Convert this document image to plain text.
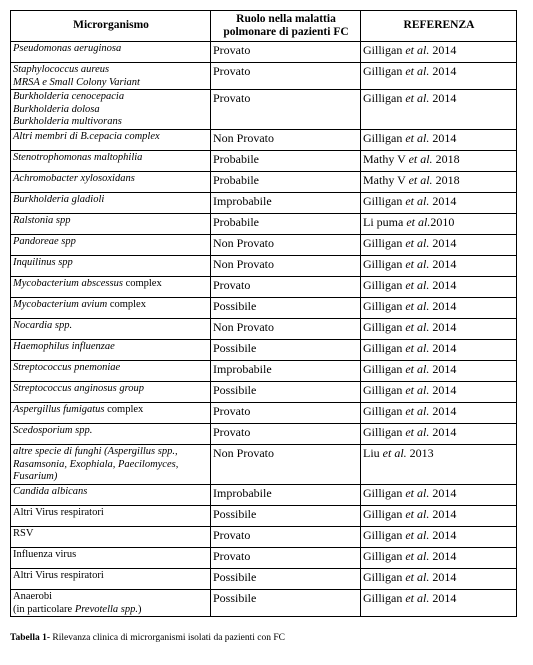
Microrganismo	Ruolo nella malattia polmonare di pazienti FC	REFERENZA
Pseudomonas aeruginosa	Provato	Gilligan et al. 2014
Staphylococcus aureus
MRSA e Small Colony Variant	Provato	Gilligan et al. 2014
Burkholderia cenocepacia
Burkholderia dolosa
Burkholderia multivorans	Provato	Gilligan et al. 2014
Altri membri di B.cepacia complex	Non Provato	Gilligan et al. 2014
Stenotrophomonas maltophilia	Probabile	Mathy V et al. 2018
Achromobacter xylosoxidans	Probabile	Mathy V et al. 2018
Burkholderia gladioli	Improbabile	Gilligan et al. 2014
Ralstonia spp	Probabile	Li puma et al.2010
Pandoreae spp	Non Provato	Gilligan et al. 2014
Inquilinus spp	Non Provato	Gilligan et al. 2014
Mycobacterium abscessus complex	Provato	Gilligan et al. 2014
Mycobacterium avium complex	Possibile	Gilligan et al. 2014
Nocardia spp.	Non Provato	Gilligan et al. 2014
Haemophilus influenzae	Possibile	Gilligan et al. 2014
Streptococcus pnemoniae	Improbabile	Gilligan et al. 2014
Streptococcus anginosus group	Possibile	Gilligan et al. 2014
Aspergillus fumigatus complex	Provato	Gilligan et al. 2014
Scedosporium spp.	Provato	Gilligan et al. 2014
altre specie di funghi (Aspergillus spp., Rasamsonia, Exophiala, Paecilomyces, Fusarium)	Non Provato	Liu et al. 2013
Candida albicans	Improbabile	Gilligan et al. 2014
Altri Virus respiratori	Possibile	Gilligan et al. 2014
RSV	Provato	Gilligan et al. 2014
Influenza virus	Provato	Gilligan et al. 2014
Altri Virus respiratori	Possibile	Gilligan et al. 2014
Anaerobi
(in particolare Prevotella spp.)	Possibile	Gilligan et al. 2014
Tabella 1- Rilevanza clinica di microrganismi isolati da pazienti con FC
